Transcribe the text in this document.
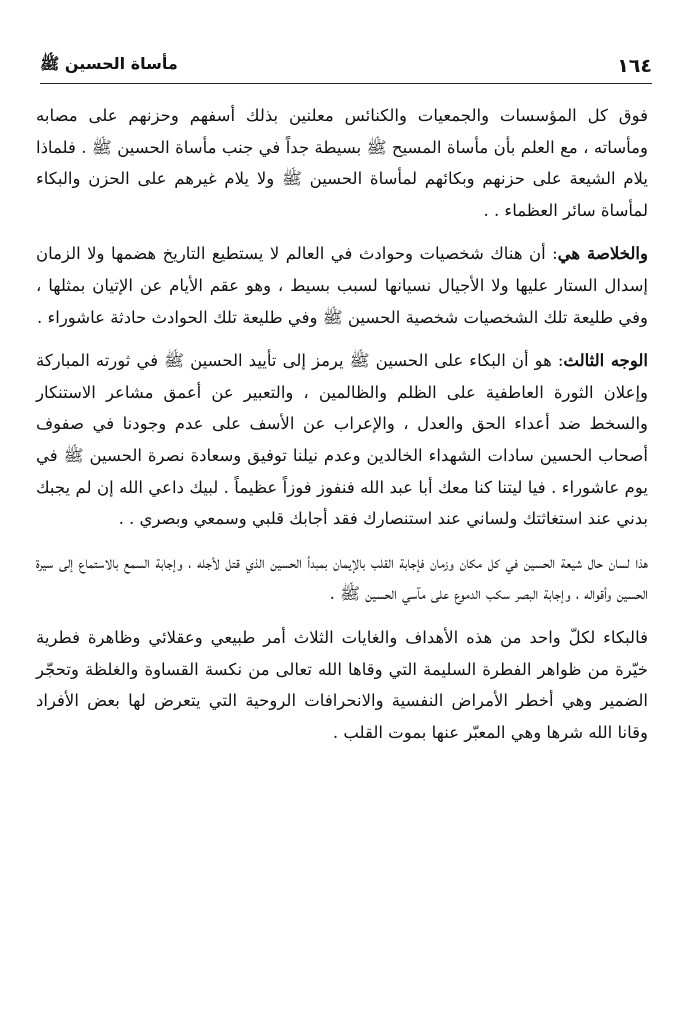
١٦٤
مأساة الحسين ﷺ

فوق كل المؤسسات والجمعيات والكنائس معلنين بذلك أسفهم وحزنهم على مصابه ومأساته ، مع العلم بأن مأساة المسيح ﷺ بسيطة جداً في جنب مأساة الحسين ﷺ . فلماذا يلام الشيعة على حزنهم وبكائهم لمأساة الحسين ﷺ ولا يلام غيرهم على الحزن والبكاء لمأساة سائر العظماء . .

والخلاصة هي: أن هناك شخصيات وحوادث في العالم لا يستطيع التاريخ هضمها ولا الزمان إسدال الستار عليها ولا الأجيال نسيانها لسبب بسيط ، وهو عقم الأيام عن الإتيان بمثلها ، وفي طليعة تلك الشخصيات شخصية الحسين ﷺ وفي طليعة تلك الحوادث حادثة عاشوراء .

الوجه الثالث: هو أن البكاء على الحسين ﷺ يرمز إلى تأييد الحسين ﷺ في ثورته المباركة وإعلان الثورة العاطفية على الظلم والظالمين ، والتعبير عن أعمق مشاعر الاستنكار والسخط ضد أعداء الحق والعدل ، والإعراب عن الأسف على عدم وجودنا في صفوف أصحاب الحسين سادات الشهداء الخالدين وعدم نيلنا توفيق وسعادة نصرة الحسين ﷺ في يوم عاشوراء . فيا ليتنا كنا معك أبا عبد الله فنفوز فوزاً عظيماً . لبيك داعي الله إن لم يجبك بدني عند استغاثتك ولساني عند استنصارك فقد أجابك قلبي وسمعي وبصري . .

هذا لسان حال شيعة الحسين في كل مكان وزمان فإجابة القلب بالإيمان بمبدأ الحسين الذي قتل لأجله ، وإجابة السمع بالاستماع إلى سيرة الحسين وأقواله ، وإجابة البصر سكب الدموع على مآسي الحسين ﷺ .

فالبكاء لكلّ واحد من هذه الأهداف والغايات الثلاث أمر طبيعي وعقلائي وظاهرة فطرية خيّرة من ظواهر الفطرة السليمة التي وقاها الله تعالى من نكسة القساوة والغلظة وتحجّر الضمير وهي أخطر الأمراض النفسية والانحرافات الروحية التي يتعرض لها بعض الأفراد وقانا الله شرها وهي المعبّر عنها بموت القلب .
